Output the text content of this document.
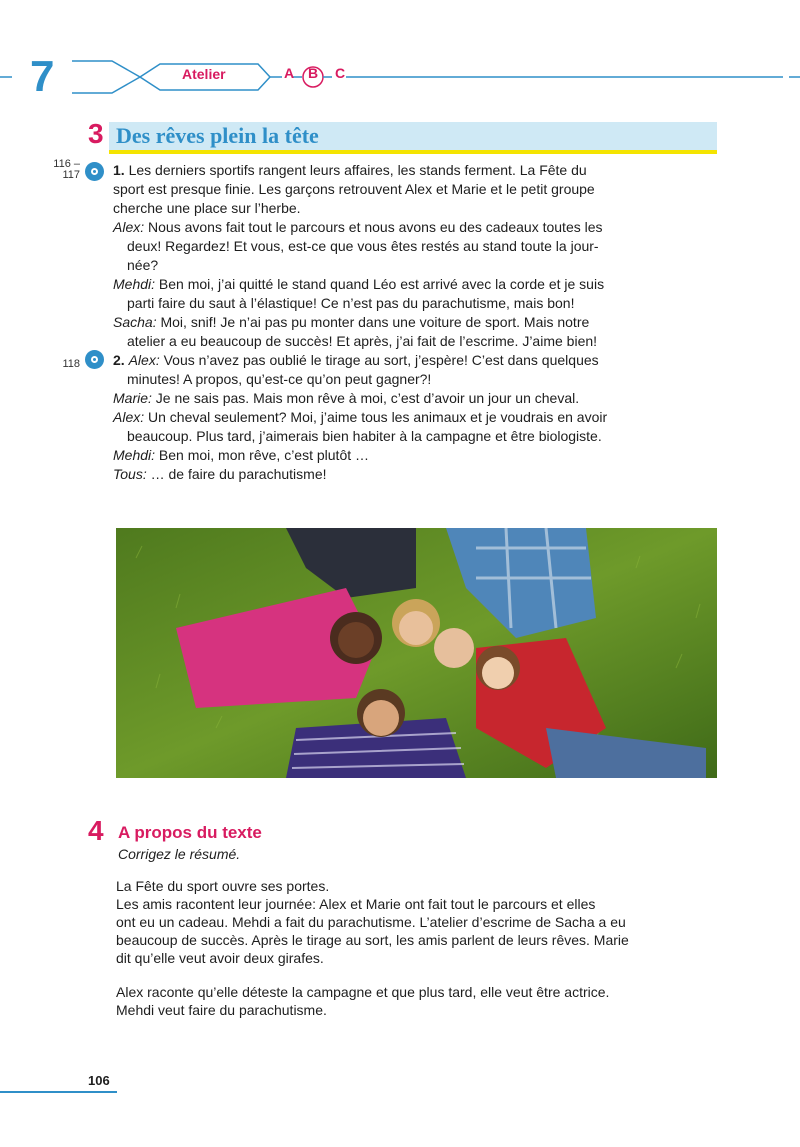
7	Atelier	A B C
3 Des rêves plein la tête
116 – 117 1. Les derniers sportifs rangent leurs affaires, les stands ferment. La Fête du

sport est presque finie. Les garçons retrouvent Alex et Marie et le petit groupe

cherche une place sur l’herbe.

Alex: Nous avons fait tout le parcours et nous avons eu des cadeaux toutes les

deux! Regardez! Et vous, est-ce que vous êtes restés au stand toute la jour-

née?

Mehdi: Ben moi, j’ai quitté le stand quand Léo est arrivé avec la corde et je suis

parti faire du saut à l’élastique! Ce n’est pas du parachutisme, mais bon!

Sacha: Moi, snif! Je n’ai pas pu monter dans une voiture de sport. Mais notre

atelier a eu beaucoup de succès! Et après, j’ai fait de l’escrime. J’aime bien!

118 2. Alex: Vous n’avez pas oublié le tirage au sort, j’espère! C’est dans quelques

minutes! A propos, qu’est-ce qu’on peut gagner?!

Marie: Je ne sais pas. Mais mon rêve à moi, c’est d’avoir un jour un cheval.

Alex: Un cheval seulement? Moi, j’aime tous les animaux et je voudrais en avoir

beaucoup. Plus tard, j’aimerais bien habiter à la campagne et être biologiste.

Mehdi: Ben moi, mon rêve, c’est plutôt …

Tous: … de faire du parachutisme!

4 A propos du texte
Corrigez le résumé.

La Fête du sport ouvre ses portes.

Les amis racontent leur journée: Alex et Marie ont fait tout le parcours et elles

ont eu un cadeau. Mehdi a fait du parachutisme. L’atelier d’escrime de Sacha a eu

beaucoup de succès. Après le tirage au sort, les amis parlent de leurs rêves. Marie

dit qu’elle veut avoir deux girafes.

Alex raconte qu’elle déteste la campagne et que plus tard, elle veut être actrice.

Mehdi veut faire du parachutisme.

106
